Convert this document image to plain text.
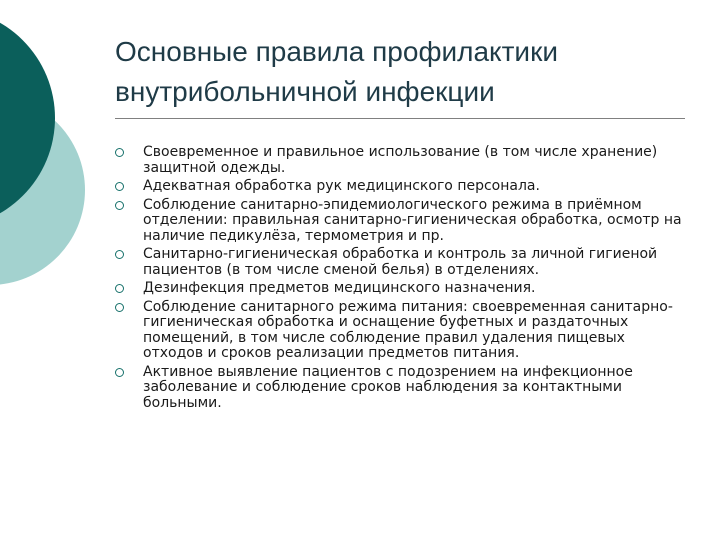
Основные правила профилактики
внутрибольничной инфекции
Своевременное и правильное использование (в том числе хранение) защитной одежды.
Адекватная обработка рук медицинского персонала.
Соблюдение санитарно-эпидемиологического режима в приёмном отделении: правильная санитарно-гигиеническая обработка, осмотр на наличие педикулёза, термометрия и пр.
Санитарно-гигиеническая обработка и контроль за личной гигиеной пациентов (в том числе сменой белья) в отделениях.
Дезинфекция предметов медицинского назначения.
Соблюдение санитарного режима питания: своевременная санитарно-гигиеническая обработка и оснащение буфетных и раздаточных помещений, в том числе соблюдение правил удаления пищевых отходов и сроков реализации предметов питания.
Активное выявление пациентов с подозрением на инфекционное заболевание и соблюдение сроков наблюдения за контактными больными.
